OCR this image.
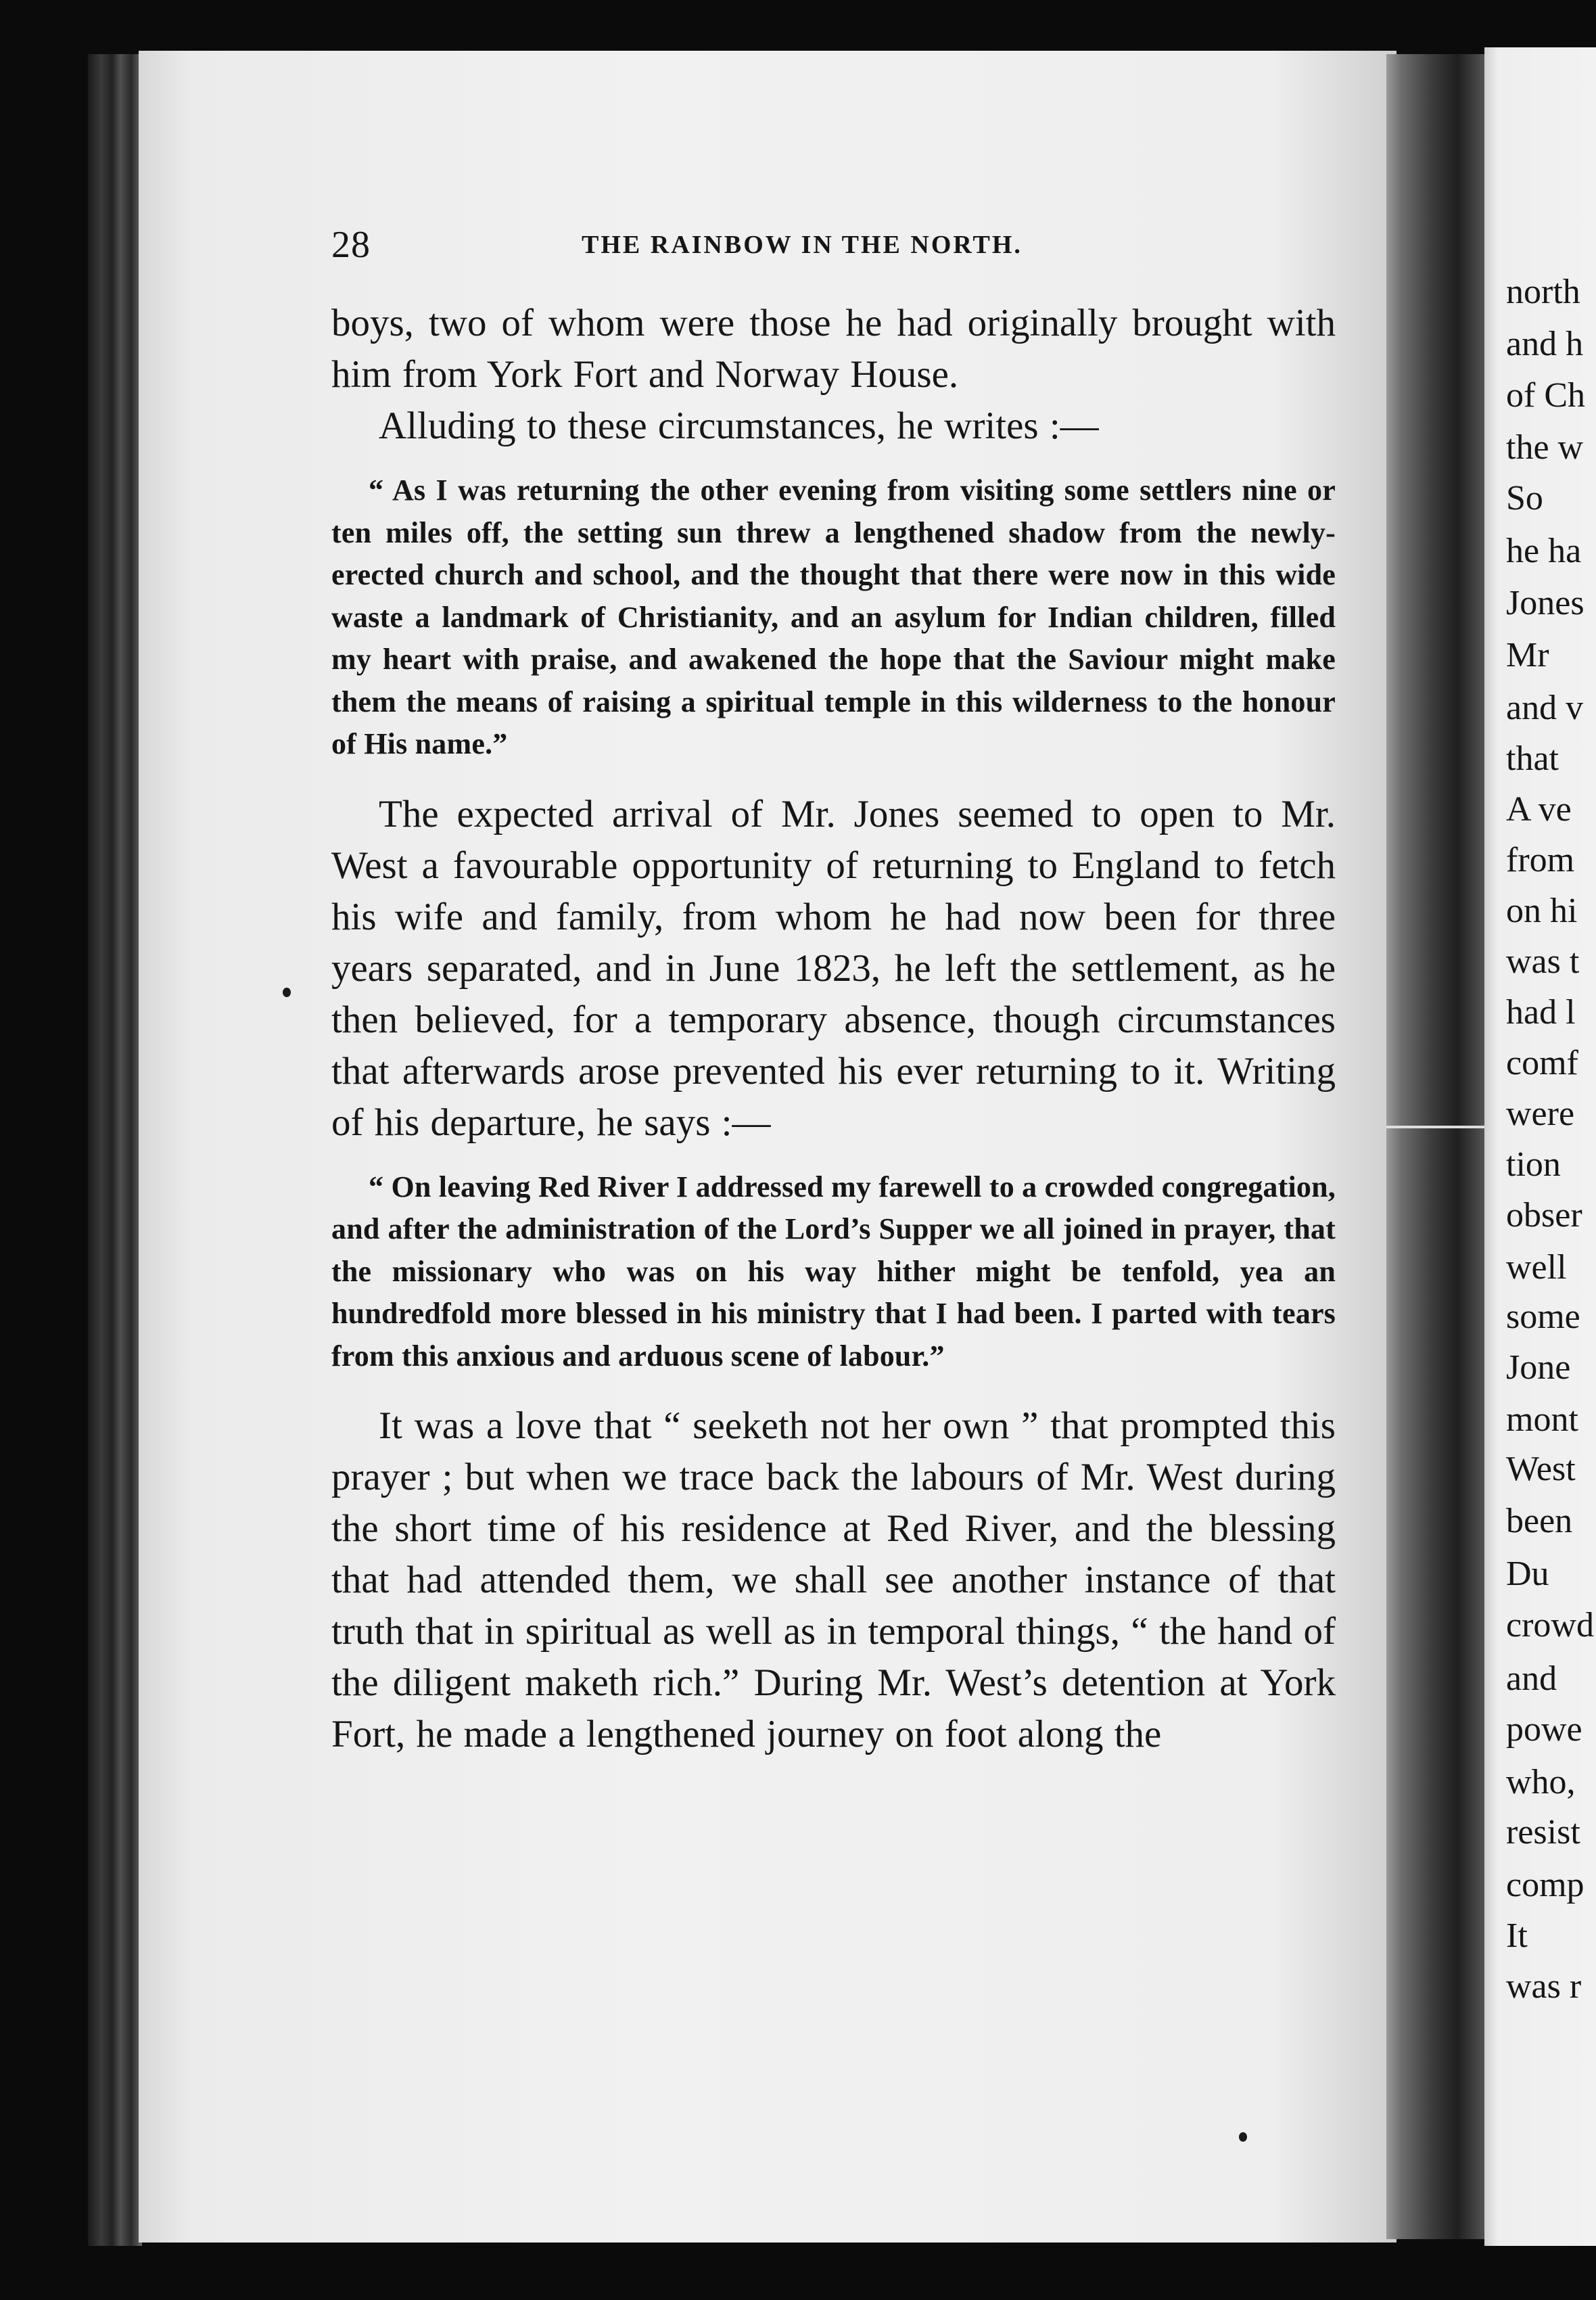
north

and h

of Ch

the w

So

he ha

Jones

Mr

and v

that

A ve

from

on hi

was t

had l

comf

were

tion

obser

well

some

Jone

mont

West

been

Du

crowd

and

powe

who,

resist

comp

It

was r

28	THE RAINBOW IN THE NORTH.

boys, two of whom were those he had originally brought with him from York Fort and Norway House.

Alluding to these circumstances, he writes :—

“ As I was returning the other evening from visiting some settlers nine or ten miles off, the setting sun threw a lengthened shadow from the newly-erected church and school, and the thought that there were now in this wide waste a landmark of Christianity, and an asylum for Indian children, filled my heart with praise, and awakened the hope that the Saviour might make them the means of raising a spiritual temple in this wilderness to the honour of His name.”

The expected arrival of Mr. Jones seemed to open to Mr. West a favourable opportunity of returning to England to fetch his wife and family, from whom he had now been for three years separated, and in June 1823, he left the settlement, as he then believed, for a temporary absence, though circumstances that afterwards arose prevented his ever returning to it. Writing of his departure, he says :—

“ On leaving Red River I addressed my farewell to a crowded congregation, and after the administration of the Lord’s Supper we all joined in prayer, that the missionary who was on his way hither might be tenfold, yea an hundredfold more blessed in his ministry that I had been. I parted with tears from this anxious and arduous scene of labour.”

It was a love that “ seeketh not her own ” that prompted this prayer ; but when we trace back the labours of Mr. West during the short time of his residence at Red River, and the blessing that had attended them, we shall see another instance of that truth that in spiritual as well as in temporal things, “ the hand of the diligent maketh rich.” During Mr. West’s detention at York Fort, he made a lengthened journey on foot along the
